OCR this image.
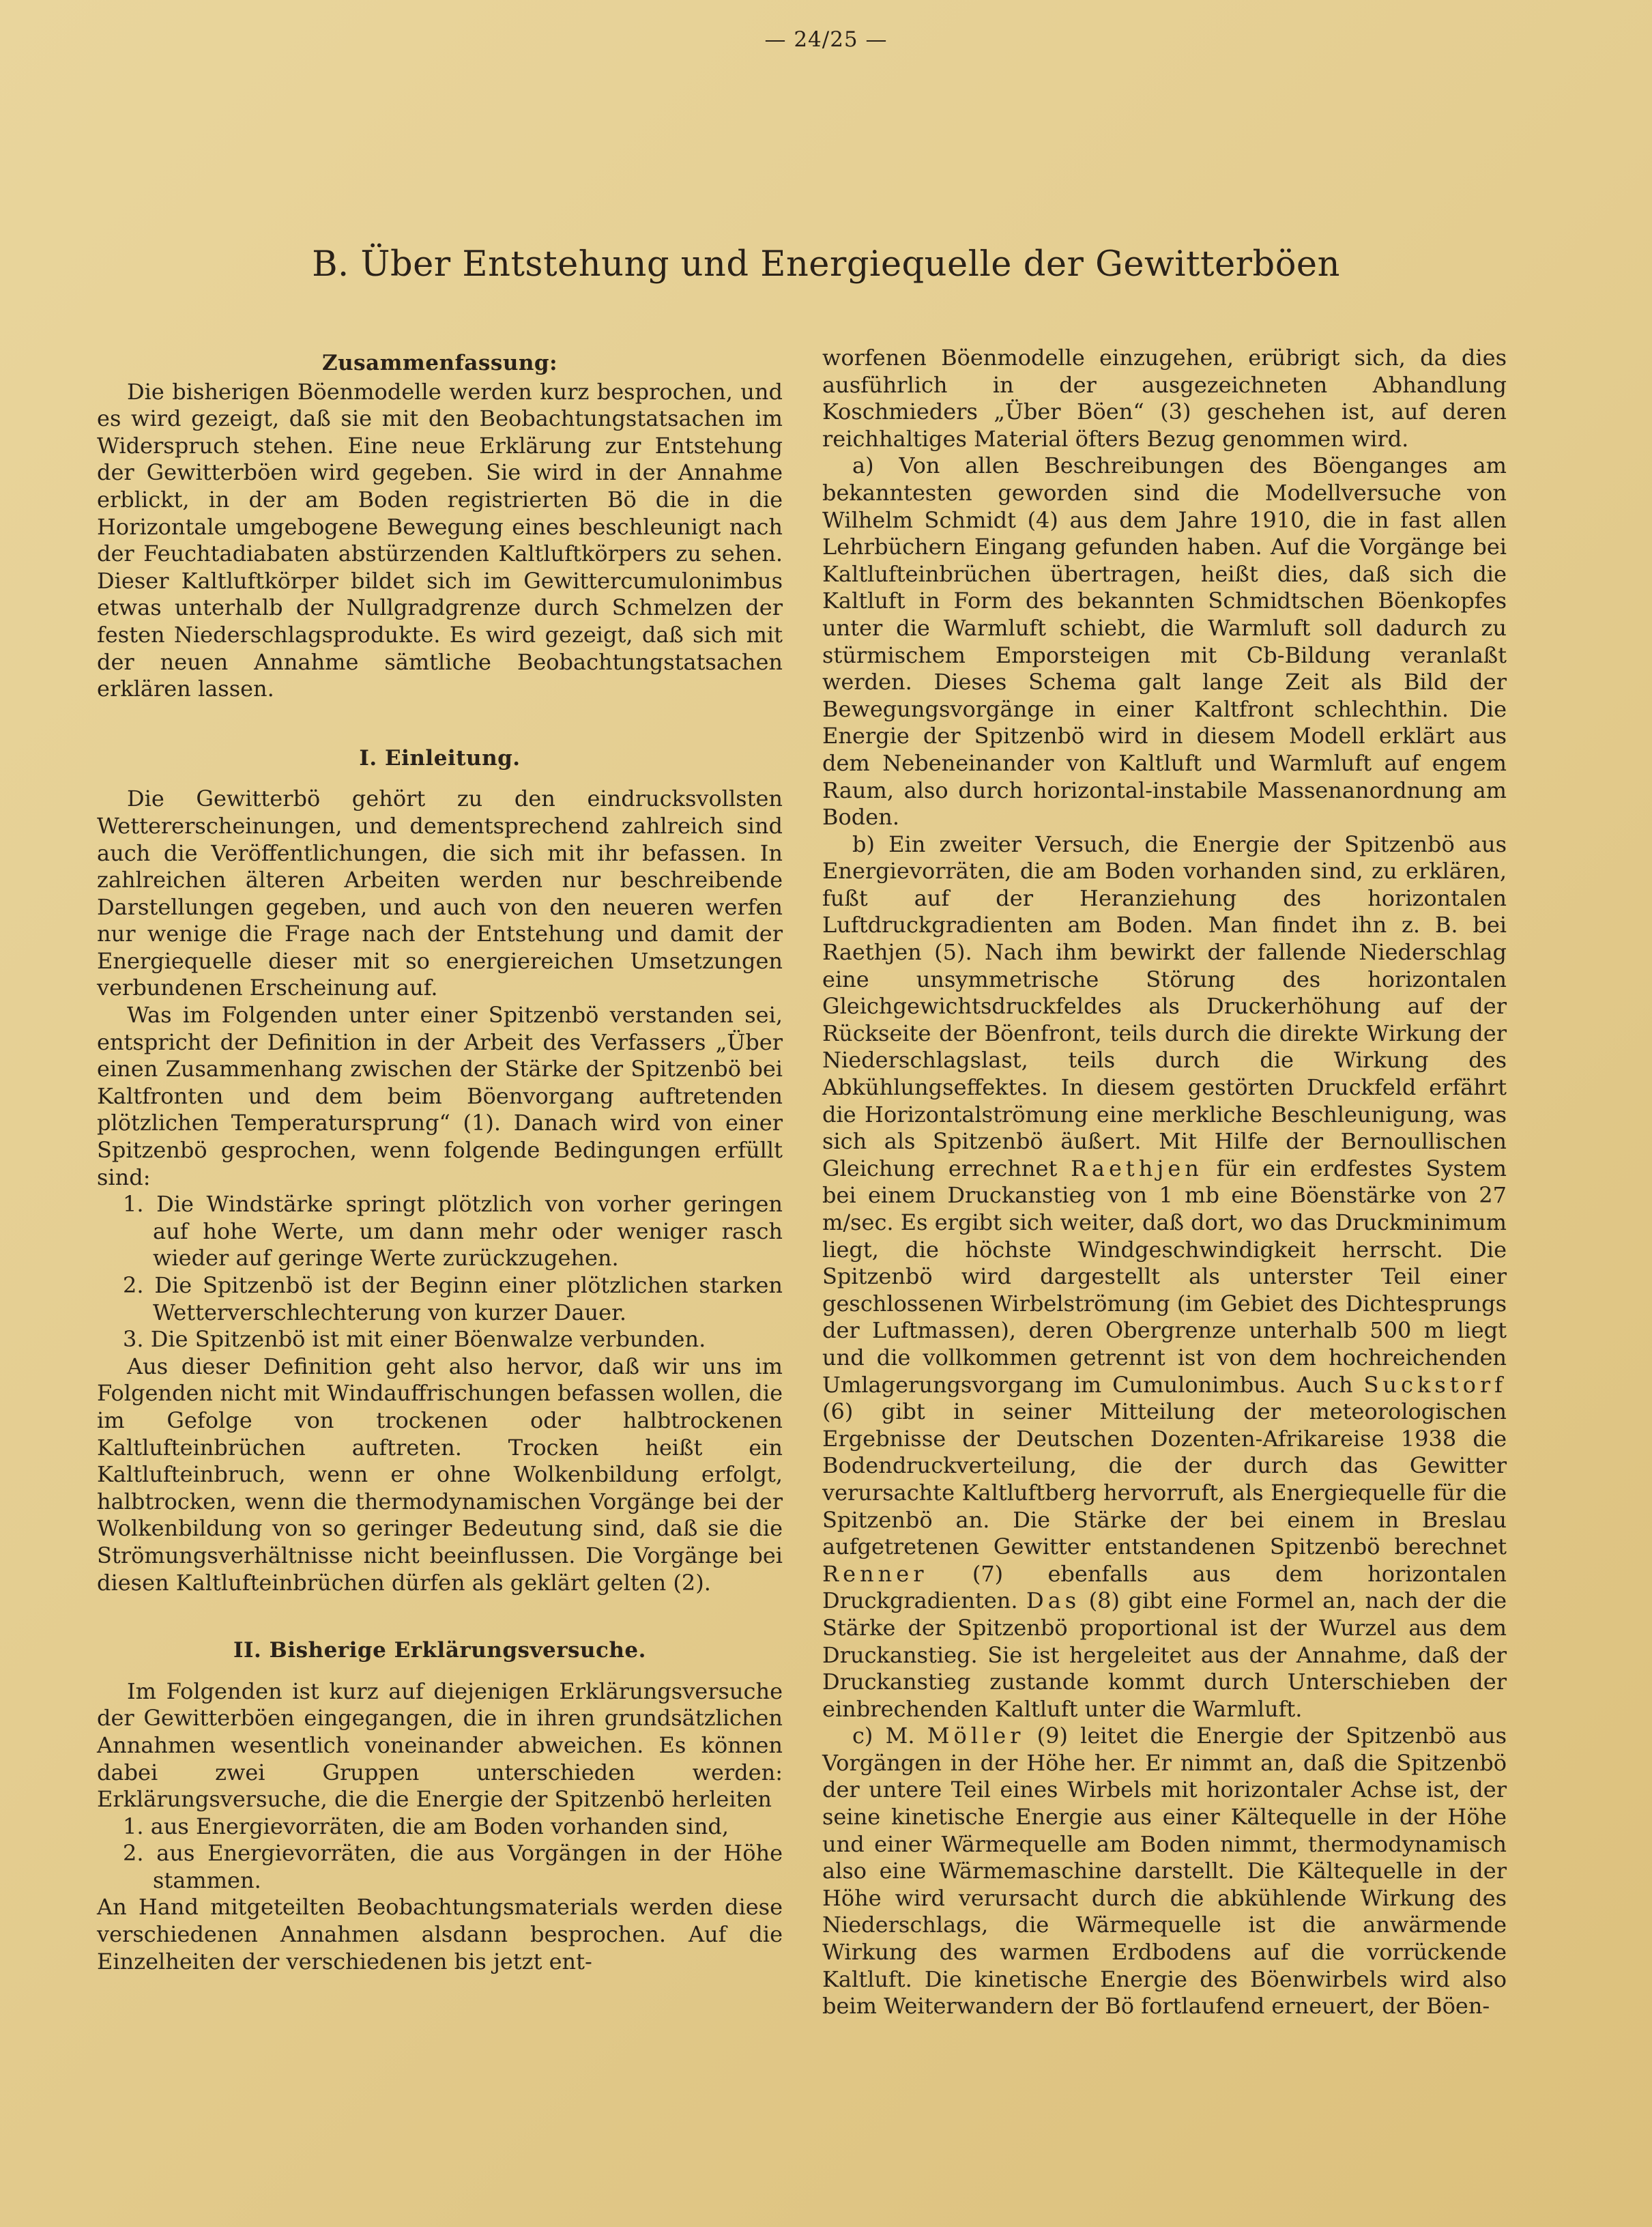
— 24/25 —
B. Über Entstehung und Energiequelle der Gewitterböen
Zusammenfassung:

Die bisherigen Böenmodelle werden kurz besprochen, und es wird gezeigt, daß sie mit den Beobachtungstatsachen im Widerspruch stehen. Eine neue Erklärung zur Entstehung der Gewitterböen wird gegeben. Sie wird in der Annahme erblickt, in der am Boden registrierten Bö die in die Horizontale umgebogene Bewegung eines beschleunigt nach der Feuchtadiabaten abstürzenden Kaltluftkörpers zu sehen. Dieser Kaltluftkörper bildet sich im Gewittercumulonimbus etwas unterhalb der Nullgradgrenze durch Schmelzen der festen Niederschlagsprodukte. Es wird gezeigt, daß sich mit der neuen Annahme sämtliche Beobachtungstatsachen erklären lassen.

I. Einleitung.

Die Gewitterbö gehört zu den eindrucksvollsten Wettererscheinungen, und dementsprechend zahlreich sind auch die Veröffentlichungen, die sich mit ihr befassen. In zahlreichen älteren Arbeiten werden nur beschreibende Darstellungen gegeben, und auch von den neueren werfen nur wenige die Frage nach der Entstehung und damit der Energiequelle dieser mit so energiereichen Umsetzungen verbundenen Erscheinung auf.

Was im Folgenden unter einer Spitzenbö verstanden sei, entspricht der Definition in der Arbeit des Verfassers „Über einen Zusammenhang zwischen der Stärke der Spitzenbö bei Kaltfronten und dem beim Böenvorgang auftretenden plötzlichen Temperatursprung“ (1). Danach wird von einer Spitzenbö gesprochen, wenn folgende Bedingungen erfüllt sind:

1. Die Windstärke springt plötzlich von vorher geringen auf hohe Werte, um dann mehr oder weniger rasch wieder auf geringe Werte zurückzugehen.

2. Die Spitzenbö ist der Beginn einer plötzlichen starken Wetterverschlechterung von kurzer Dauer.

3. Die Spitzenbö ist mit einer Böenwalze verbunden.

Aus dieser Definition geht also hervor, daß wir uns im Folgenden nicht mit Windauffrischungen befassen wollen, die im Gefolge von trockenen oder halbtrockenen Kaltlufteinbrüchen auftreten. Trocken heißt ein Kaltlufteinbruch, wenn er ohne Wolkenbildung erfolgt, halbtrocken, wenn die thermodynamischen Vorgänge bei der Wolkenbildung von so geringer Bedeutung sind, daß sie die Strömungsverhältnisse nicht beeinflussen. Die Vorgänge bei diesen Kaltlufteinbrüchen dürfen als geklärt gelten (2).

II. Bisherige Erklärungsversuche.

Im Folgenden ist kurz auf diejenigen Erklärungsversuche der Gewitterböen eingegangen, die in ihren grundsätzlichen Annahmen wesentlich voneinander abweichen. Es können dabei zwei Gruppen unterschieden werden: Erklärungsversuche, die die Energie der Spitzenbö herleiten

1. aus Energievorräten, die am Boden vorhanden sind,

2. aus Energievorräten, die aus Vorgängen in der Höhe stammen.

An Hand mitgeteilten Beobachtungsmaterials werden diese verschiedenen Annahmen alsdann besprochen. Auf die Einzelheiten der verschiedenen bis jetzt ent-

worfenen Böenmodelle einzugehen, erübrigt sich, da dies ausführlich in der ausgezeichneten Abhandlung Koschmieders „Über Böen“ (3) geschehen ist, auf deren reichhaltiges Material öfters Bezug genommen wird.

a) Von allen Beschreibungen des Böenganges am bekanntesten geworden sind die Modellversuche von Wilhelm Schmidt (4) aus dem Jahre 1910, die in fast allen Lehrbüchern Eingang gefunden haben. Auf die Vorgänge bei Kaltlufteinbrüchen übertragen, heißt dies, daß sich die Kaltluft in Form des bekannten Schmidtschen Böenkopfes unter die Warmluft schiebt, die Warmluft soll dadurch zu stürmischem Emporsteigen mit Cb-Bildung veranlaßt werden. Dieses Schema galt lange Zeit als Bild der Bewegungsvorgänge in einer Kaltfront schlechthin. Die Energie der Spitzenbö wird in diesem Modell erklärt aus dem Nebeneinander von Kaltluft und Warmluft auf engem Raum, also durch horizontal-instabile Massenanordnung am Boden.

b) Ein zweiter Versuch, die Energie der Spitzenbö aus Energievorräten, die am Boden vorhanden sind, zu erklären, fußt auf der Heranziehung des horizontalen Luftdruckgradienten am Boden. Man findet ihn z. B. bei Raethjen (5). Nach ihm bewirkt der fallende Niederschlag eine unsymmetrische Störung des horizontalen Gleichgewichtsdruckfeldes als Druckerhöhung auf der Rückseite der Böenfront, teils durch die direkte Wirkung der Niederschlagslast, teils durch die Wirkung des Abkühlungseffektes. In diesem gestörten Druckfeld erfährt die Horizontalströmung eine merkliche Beschleunigung, was sich als Spitzenbö äußert. Mit Hilfe der Bernoullischen Gleichung errechnet Raethjen für ein erdfestes System bei einem Druckanstieg von 1 mb eine Böenstärke von 27 m/sec. Es ergibt sich weiter, daß dort, wo das Druckminimum liegt, die höchste Windgeschwindigkeit herrscht. Die Spitzenbö wird dargestellt als unterster Teil einer geschlossenen Wirbelströmung (im Gebiet des Dichtesprungs der Luftmassen), deren Obergrenze unterhalb 500 m liegt und die vollkommen getrennt ist von dem hochreichenden Umlagerungsvorgang im Cumulonimbus. Auch Suckstorf (6) gibt in seiner Mitteilung der meteorologischen Ergebnisse der Deutschen Dozenten-Afrikareise 1938 die Bodendruckverteilung, die der durch das Gewitter verursachte Kaltluftberg hervorruft, als Energiequelle für die Spitzenbö an. Die Stärke der bei einem in Breslau aufgetretenen Gewitter entstandenen Spitzenbö berechnet Renner (7) ebenfalls aus dem horizontalen Druckgradienten. Das (8) gibt eine Formel an, nach der die Stärke der Spitzenbö proportional ist der Wurzel aus dem Druckanstieg. Sie ist hergeleitet aus der Annahme, daß der Druckanstieg zustande kommt durch Unterschieben der einbrechenden Kaltluft unter die Warmluft.

c) M. Möller (9) leitet die Energie der Spitzenbö aus Vorgängen in der Höhe her. Er nimmt an, daß die Spitzenbö der untere Teil eines Wirbels mit horizontaler Achse ist, der seine kinetische Energie aus einer Kältequelle in der Höhe und einer Wärmequelle am Boden nimmt, thermodynamisch also eine Wärmemaschine darstellt. Die Kältequelle in der Höhe wird verursacht durch die abkühlende Wirkung des Niederschlags, die Wärmequelle ist die anwärmende Wirkung des warmen Erdbodens auf die vorrückende Kaltluft. Die kinetische Energie des Böenwirbels wird also beim Weiterwandern der Bö fortlaufend erneuert, der Böen-
